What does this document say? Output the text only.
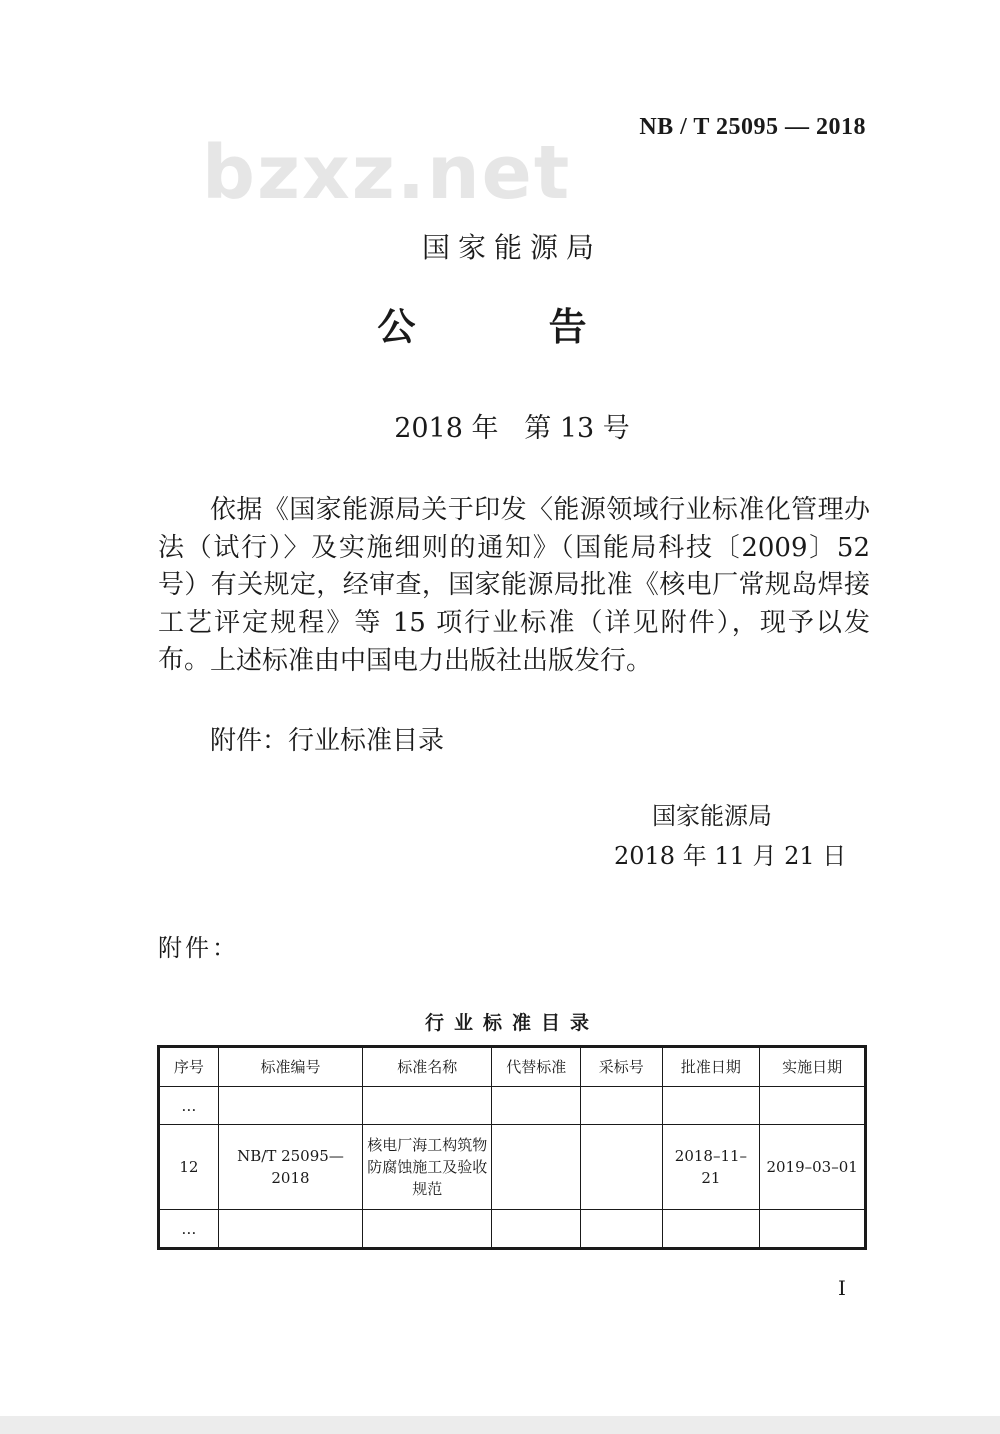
NB / T 25095 — 2018
bzxz.net
国家能源局
公 告
2018 年   第 13 号
依据《国家能源局关于印发〈能源领域行业标准化管理办法（试行）〉及实施细则的通知》（国能局科技〔2009〕52 号）有关规定，经审查，国家能源局批准《核电厂常规岛焊接工艺评定规程》等 15 项行业标准（详见附件），现予以发布。 上述标准由中国电力出版社出版发行。
附件：行业标准目录
国家能源局
2018 年 11 月 21 日
附件：
行业标准目录
序号	标准编号	标准名称	代替标准	采标号	批准日期	实施日期
…						
12	NB/T 25095—2018	核电厂海工构筑物防腐蚀施工及验收规范			2018–11–21	2019–03–01
…						
I
